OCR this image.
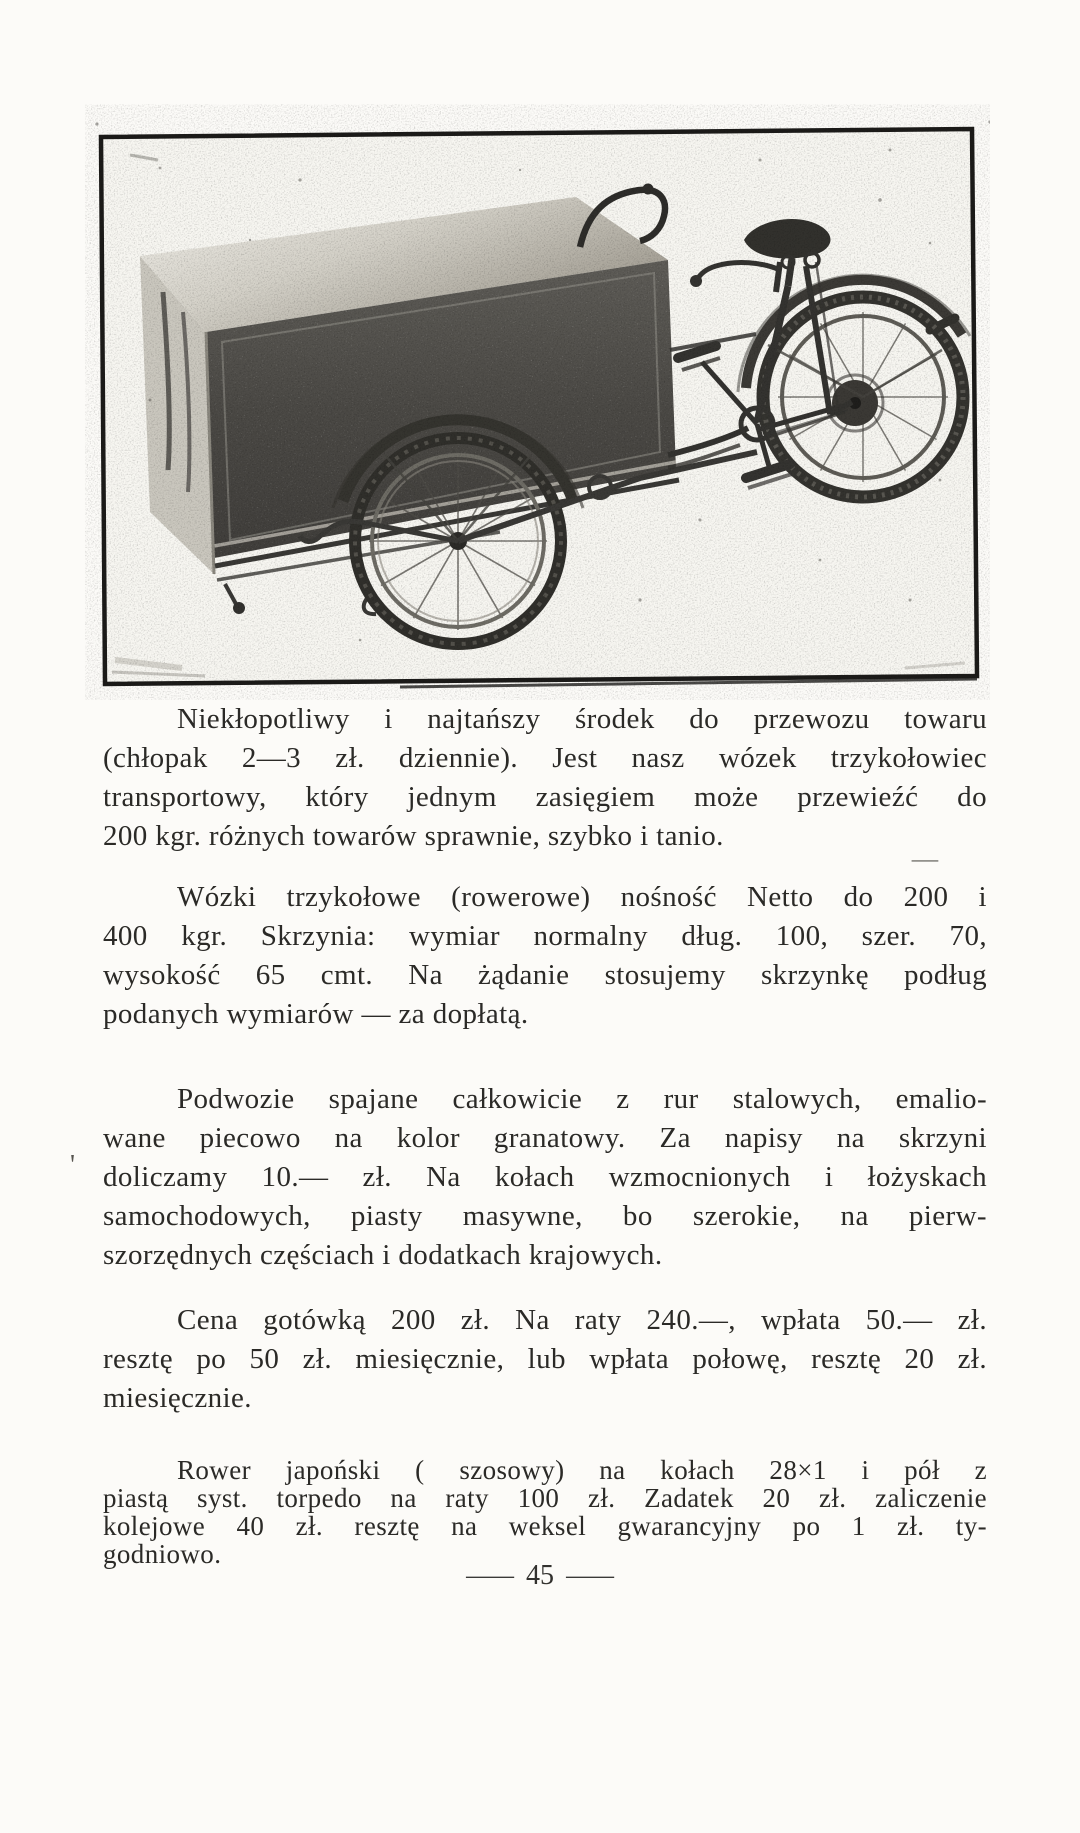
Niekłopotliwy i najtańszy środek do przewozu towaru
(chłopak 2—3 zł. dziennie). Jest nasz wózek trzykołowiec
transportowy, który jednym zasięgiem może przewieźć do
200 kgr. różnych towarów sprawnie, szybko i tanio.
Wózki trzykołowe (rowerowe) nośność Netto do 200 i
400 kgr. Skrzynia: wymiar normalny dług. 100, szer. 70,
wysokość 65 cmt. Na żądanie stosujemy skrzynkę podług
podanych wymiarów — za dopłatą.
Podwozie spajane całkowicie z rur stalowych, emalio-
wane piecowo na kolor granatowy. Za napisy na skrzyni
doliczamy 10.— zł. Na kołach wzmocnionych i łożyskach
samochodowych, piasty masywne, bo szerokie, na pierw-
szorzędnych częściach i dodatkach krajowych.
Cena gotówką 200 zł. Na raty 240.—, wpłata 50.— zł.
resztę po 50 zł. miesięcznie, lub wpłata połowę, resztę 20 zł.
miesięcznie.
Rower japoński ( szosowy) na kołach 28×1 i pół z
piastą syst. torpedo na raty 100 zł. Zadatek 20 zł. zaliczenie
kolejowe 40 zł. resztę na weksel gwarancyjny po 1 zł. ty-
godniowo.
—
'
— 45 —
